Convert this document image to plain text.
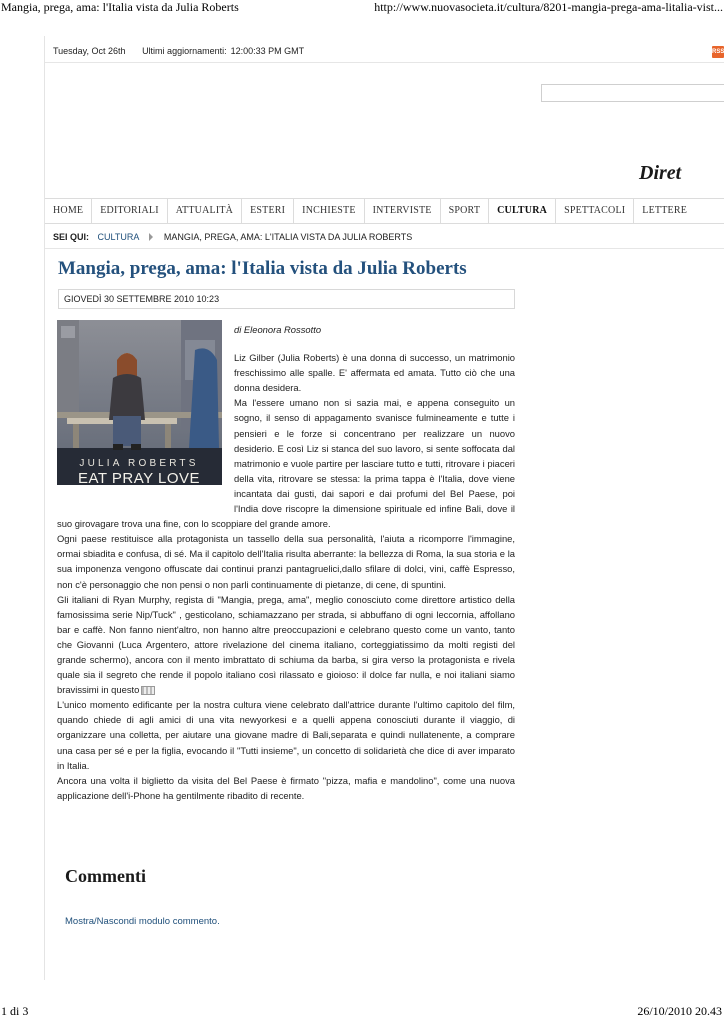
Mangia, prega, ama: l'Italia vista da Julia Roberts	http://www.nuovasocieta.it/cultura/8201-mangia-prega-ama-litalia-vist...
Tuesday, Oct 26th Ultimi aggiornamenti: 12:00:33 PM GMT	RSS
Diret
HOME	EDITORIALI	ATTUALITÀ	ESTERI	INCHIESTE	INTERVISTE	SPORT	CULTURA	SPETTACOLI	LETTERE
SEI QUI: CULTURA	MANGIA, PREGA, AMA: L'ITALIA VISTA DA JULIA ROBERTS
Mangia, prega, ama: l'Italia vista da Julia Roberts
GIOVEDÌ 30 SETTEMBRE 2010 10:23
JULIA ROBERTS
EAT PRAY LOVE

di Eleonora Rossotto

Liz Gilber (Julia Roberts) è una donna di successo, un matrimonio freschissimo alle spalle. E' affermata ed amata. Tutto ciò che una donna desidera.

Ma l'essere umano non si sazia mai, e appena conseguito un sogno, il senso di appagamento svanisce fulmineamente e tutte i pensieri e le forze si concentrano per realizzare un nuovo desiderio. E così Liz si stanca del suo lavoro, si sente soffocata dal matrimonio e vuole partire per lasciare tutto e tutti, ritrovare i piaceri della vita, ritrovare se stessa: la prima tappa è l'Italia, dove viene incantata dai gusti, dai sapori e dai profumi del Bel Paese, poi l'India dove riscopre la dimensione spirituale ed infine Bali, dove il suo girovagare trova una fine, con lo scoppiare del grande amore.

Ogni paese restituisce alla protagonista un tassello della sua personalità, l'aiuta a ricomporre l'immagine, ormai sbiadita e confusa, di sé. Ma il capitolo dell'Italia risulta aberrante: la bellezza di Roma, la sua storia e la sua imponenza vengono offuscate dai continui pranzi pantagruelici,dallo sfilare di dolci, vini, caffè Espresso, non c'è personaggio che non pensi o non parli continuamente di pietanze, di cene, di spuntini.

Gli italiani di Ryan Murphy, regista di "Mangia, prega, ama", meglio conosciuto come direttore artistico della famosissima serie Nip/Tuck" , gesticolano, schiamazzano per strada, si abbuffano di ogni leccornia, affollano bar e caffè. Non fanno nient'altro, non hanno altre preoccupazioni e celebrano questo come un vanto, tanto che Giovanni (Luca Argentero, attore rivelazione del cinema italiano, corteggiatissimo da molti registi del grande schermo), ancora con il mento imbrattato di schiuma da barba, si gira verso la protagonista e rivela quale sia il segreto che rende il popolo italiano così rilassato e gioioso: il dolce far nulla, e noi italiani siamo bravissimi in questo

L'unico momento edificante per la nostra cultura viene celebrato dall'attrice durante l'ultimo capitolo del film, quando chiede di agli amici di una vita newyorkesi e a quelli appena conosciuti durante il viaggio, di organizzare una colletta, per aiutare una giovane madre di Bali,separata e quindi nullatenente, a comprare una casa per sé e per la figlia, evocando il "Tutti insieme", un concetto di solidarietà che dice di aver imparato in Italia.

Ancora una volta il biglietto da visita del Bel Paese è firmato "pizza, mafia e mandolino", come una nuova applicazione dell'i-Phone ha gentilmente ribadito di recente.

Commenti
Mostra/Nascondi modulo commento.
1 di 3	26/10/2010 20.43
